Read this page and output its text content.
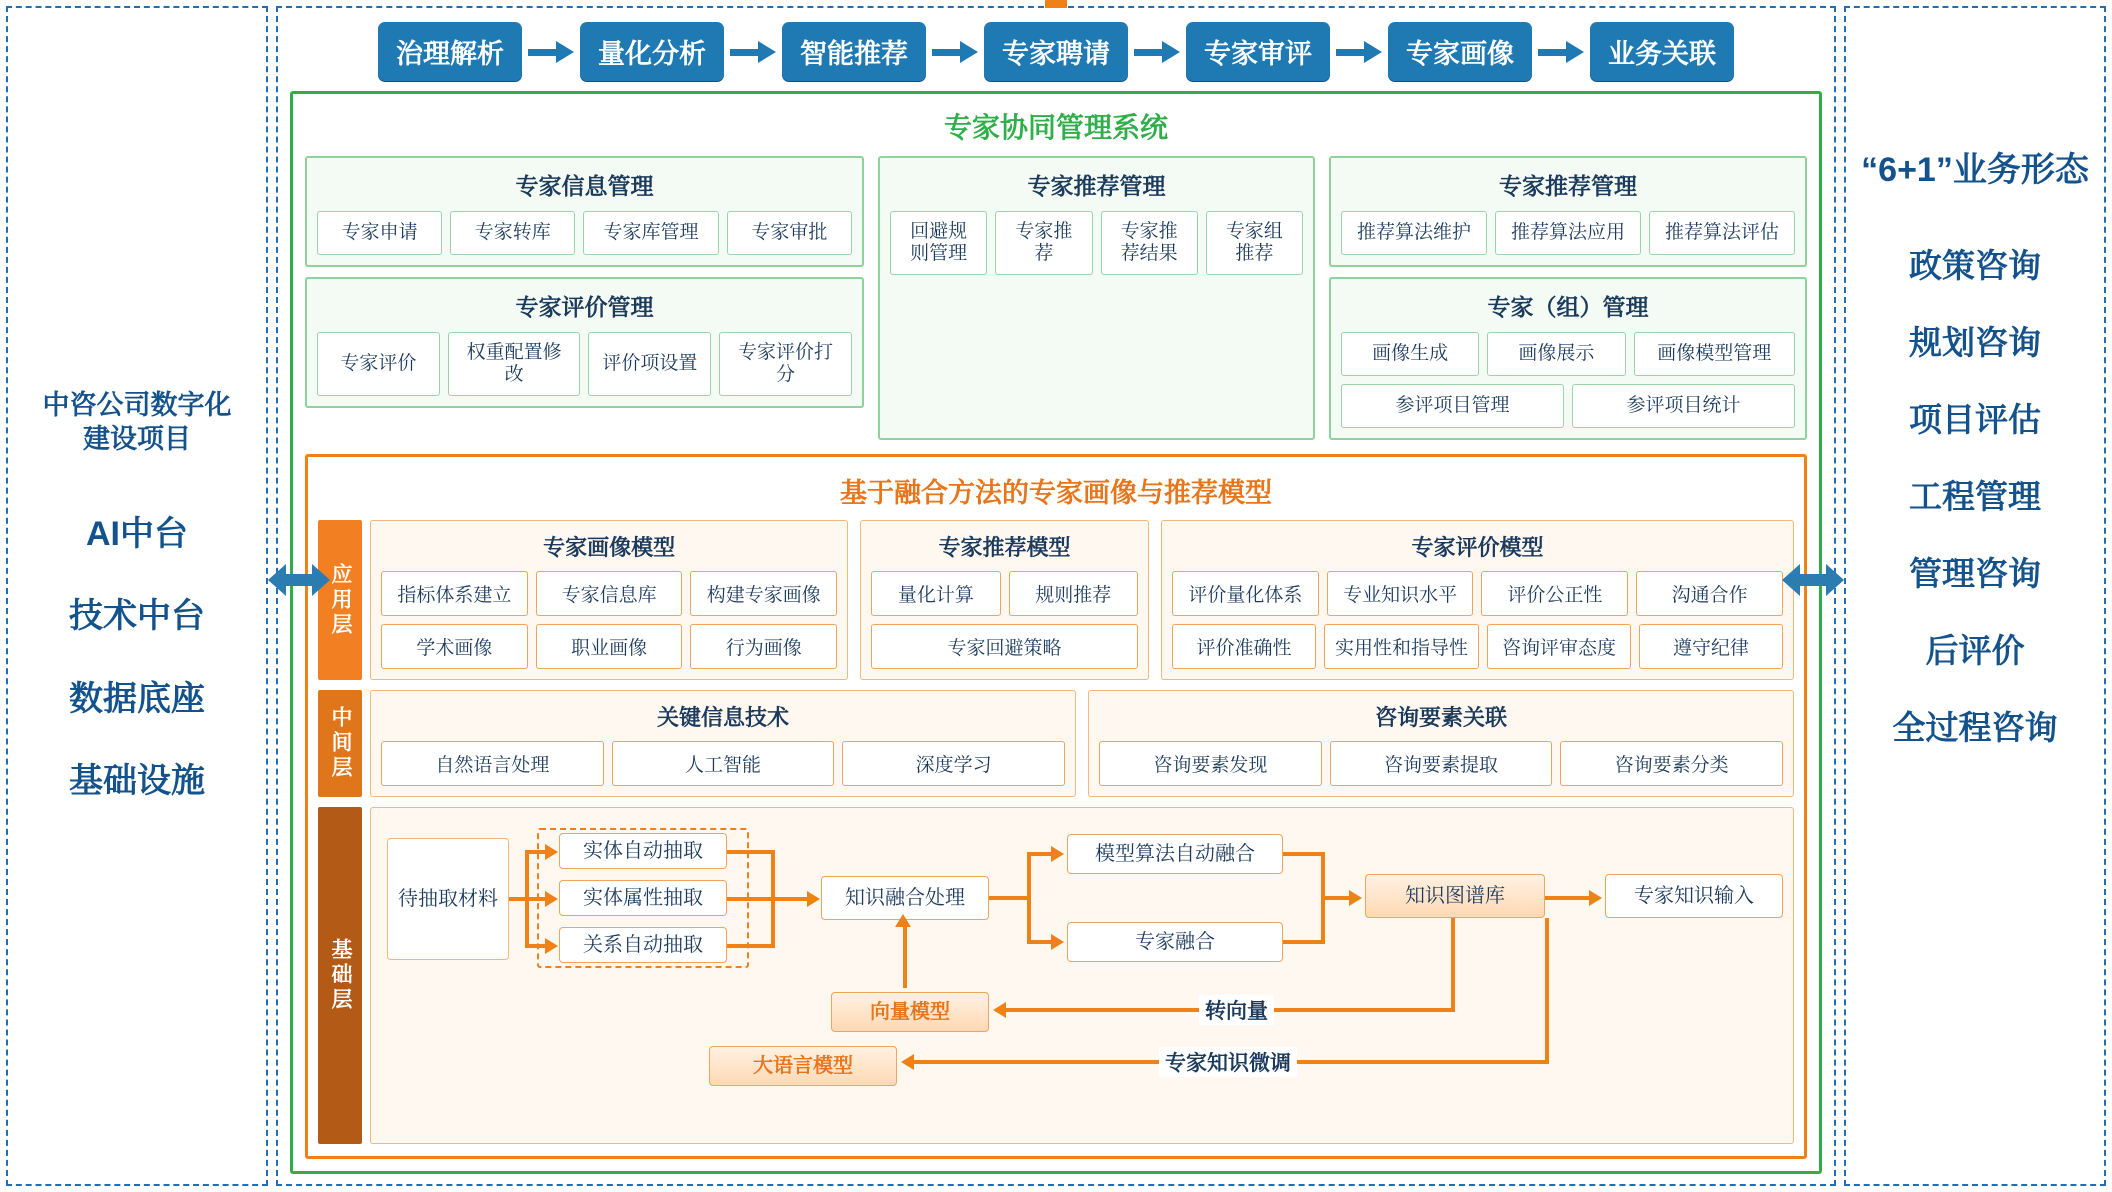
中咨公司数字化建设项目
AI中台
技术中台
数据底座
基础设施
治理解析	量化分析	智能推荐	专家聘请	专家审评	专家画像	业务关联
专家协同管理系统
专家信息管理
专家申请	专家转库	专家库管理	专家审批
专家评价管理
专家评价
权重配置修改
评价项设置
专家评价打分
专家推荐管理
回避规则管理
专家推荐
专家推荐结果
专家组推荐
专家推荐管理
推荐算法维护	推荐算法应用	推荐算法评估
专家（组）管理
画像生成	画像展示	画像模型管理
参评项目管理	参评项目统计
基于融合方法的专家画像与推荐模型
应用层
专家画像模型
指标体系建立	专家信息库	构建专家画像
学术画像	职业画像	行为画像
专家推荐模型
量化计算	规则推荐
专家回避策略
专家评价模型
评价量化体系	专业知识水平	评价公正性	沟通合作
评价准确性	实用性和指导性	咨询评审态度	遵守纪律
中间层	关键信息技术
自然语言处理	人工智能	深度学习
咨询要素关联
咨询要素发现	咨询要素提取	咨询要素分类
基础层
待抽取材料
实体自动抽取
实体属性抽取
关系自动抽取
知识融合处理
模型算法自动融合
专家融合
知识图谱库	专家知识输入
向量模型	转向量
大语言模型	专家知识微调
“6+1”业务形态
政策咨询
规划咨询
项目评估
工程管理
管理咨询
后评价
全过程咨询
